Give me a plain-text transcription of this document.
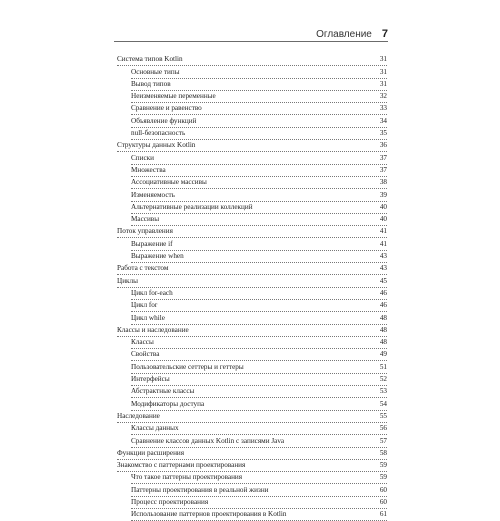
Оглавление 7
Система типов Kotlin	31
Основные типы	31
Вывод типов	31
Неизменяемые переменные	32
Сравнение и равенство	33
Объявление функций	34
null-безопасность	35
Структуры данных Kotlin	36
Списки	37
Множества	37
Ассоциативные массивы	38
Изменяемость	39
Альтернативные реализации коллекций	40
Массивы	40
Поток управления	41
Выражение if	41
Выражение when	43
Работа с текстом	43
Циклы	45
Цикл for-each	46
Цикл for	46
Цикл while	48
Классы и наследование	48
Классы	48
Свойства	49
Пользовательские сеттеры и геттеры	51
Интерфейсы	52
Абстрактные классы	53
Модификаторы доступа	54
Наследование	55
Классы данных	56
Сравнение классов данных Kotlin с записями Java	57
Функции расширения	58
Знакомство с паттернами проектирования	59
Что такое паттерны проектирования	59
Паттерны проектирования в реальной жизни	60
Процесс проектирования	60
Использование паттернов проектирования в Kotlin	61
